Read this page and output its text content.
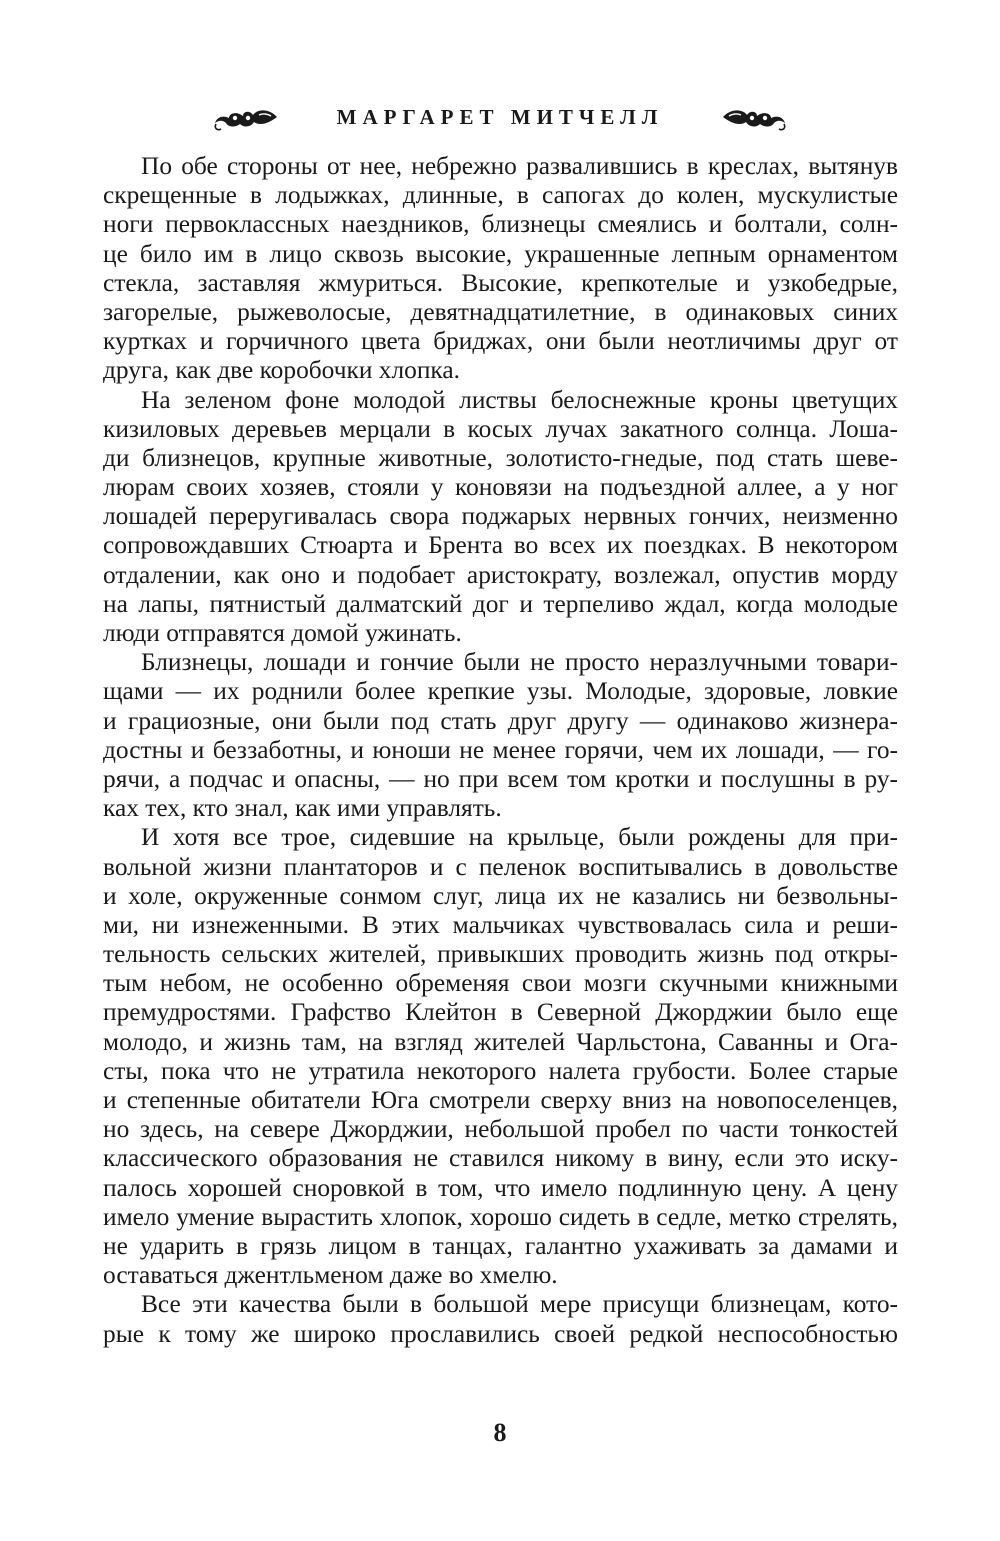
МАРГАРЕТ МИТЧЕЛЛ

По обе стороны от нее, небрежно развалившись в креслах, вытянув
скрещенные в лодыжках, длинные, в сапогах до колен, мускулистые
ноги первоклассных наездников, близнецы смеялись и болтали, солн-
це било им в лицо сквозь высокие, украшенные лепным орнаментом
стекла, заставляя жмуриться. Высокие, крепкотелые и узкобедрые,
загорелые, рыжеволосые, девятнадцатилетние, в одинаковых синих
куртках и горчичного цвета бриджах, они были неотличимы друг от
друга, как две коробочки хлопка.

На зеленом фоне молодой листвы белоснежные кроны цветущих
кизиловых деревьев мерцали в косых лучах закатного солнца. Лоша-
ди близнецов, крупные животные, золотисто-гнедые, под стать шеве-
люрам своих хозяев, стояли у коновязи на подъездной аллее, а у ног
лошадей переругивалась свора поджарых нервных гончих, неизменно
сопровождавших Стюарта и Брента во всех их поездках. В некотором
отдалении, как оно и подобает аристократу, возлежал, опустив морду
на лапы, пятнистый далматский дог и терпеливо ждал, когда молодые
люди отправятся домой ужинать.

Близнецы, лошади и гончие были не просто неразлучными товари-
щами — их роднили более крепкие узы. Молодые, здоровые, ловкие
и грациозные, они были под стать друг другу — одинаково жизнера-
достны и беззаботны, и юноши не менее горячи, чем их лошади, — го-
рячи, а подчас и опасны, — но при всем том кротки и послушны в ру-
ках тех, кто знал, как ими управлять.

И хотя все трое, сидевшие на крыльце, были рождены для при-
вольной жизни плантаторов и с пеленок воспитывались в довольстве
и холе, окруженные сонмом слуг, лица их не казались ни безвольны-
ми, ни изнеженными. В этих мальчиках чувствовалась сила и реши-
тельность сельских жителей, привыкших проводить жизнь под откры-
тым небом, не особенно обременяя свои мозги скучными книжными
премудростями. Графство Клейтон в Северной Джорджии было еще
молодо, и жизнь там, на взгляд жителей Чарльстона, Саванны и Ога-
сты, пока что не утратила некоторого налета грубости. Более старые
и степенные обитатели Юга смотрели сверху вниз на новопоселенцев,
но здесь, на севере Джорджии, небольшой пробел по части тонкостей
классического образования не ставился никому в вину, если это иску-
палось хорошей сноровкой в том, что имело подлинную цену. А цену
имело умение вырастить хлопок, хорошо сидеть в седле, метко стрелять,
не ударить в грязь лицом в танцах, галантно ухаживать за дамами и
оставаться джентльменом даже во хмелю.

Все эти качества были в большой мере присущи близнецам, кото-
рые к тому же широко прославились своей редкой неспособностью

8
